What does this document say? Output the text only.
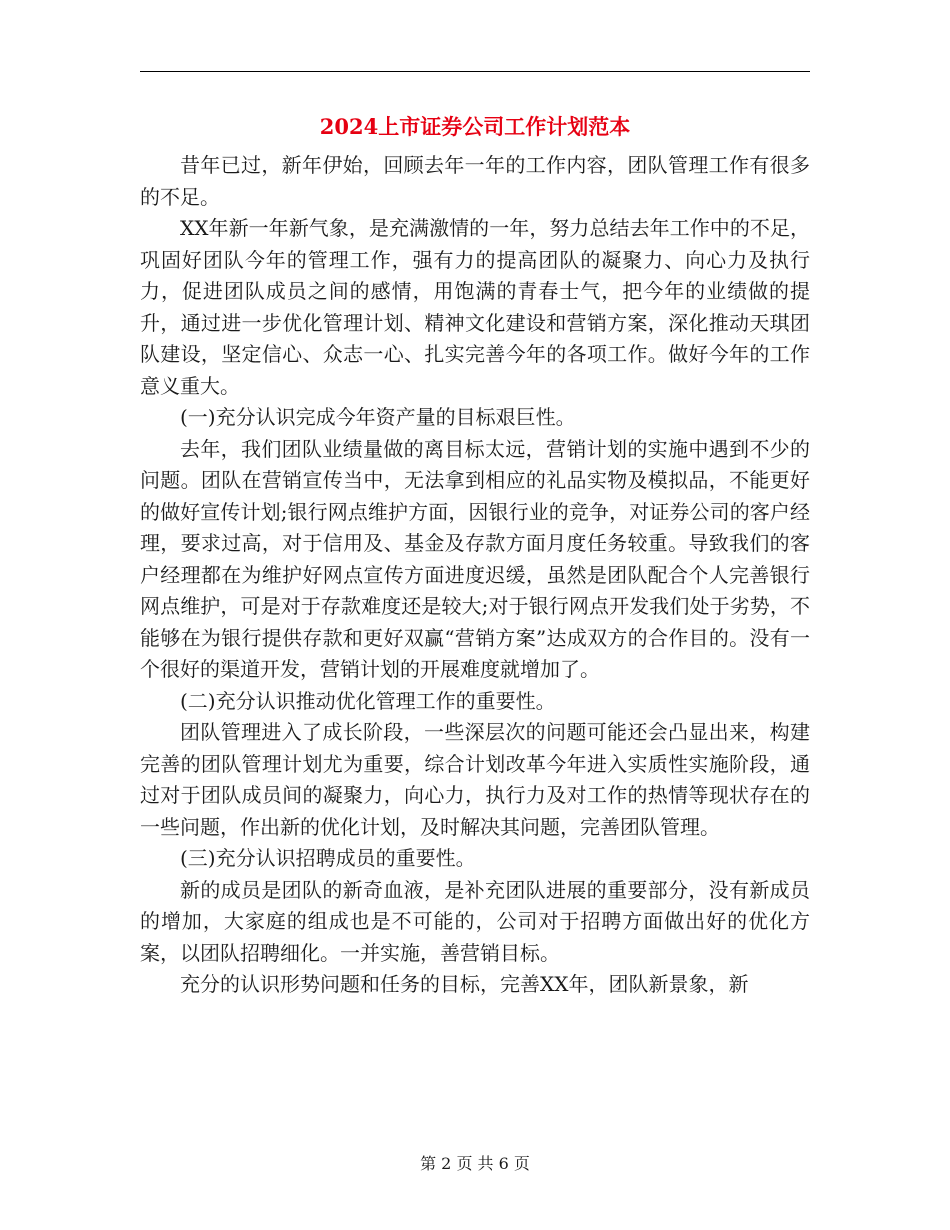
2024上市证券公司工作计划范本

昔年已过，新年伊始，回顾去年一年的工作内容，团队管理工作有很多的不足。

XX年新一年新气象，是充满激情的一年，努力总结去年工作中的不足，巩固好团队今年的管理工作，强有力的提高团队的凝聚力、向心力及执行力，促进团队成员之间的感情，用饱满的青春士气，把今年的业绩做的提升，通过进一步优化管理计划、精神文化建设和营销方案，深化推动天琪团队建设，坚定信心、众志一心、扎实完善今年的各项工作。做好今年的工作意义重大。

(一)充分认识完成今年资产量的目标艰巨性。

去年，我们团队业绩量做的离目标太远，营销计划的实施中遇到不少的问题。团队在营销宣传当中，无法拿到相应的礼品实物及模拟品，不能更好的做好宣传计划;银行网点维护方面，因银行业的竞争，对证券公司的客户经理，要求过高，对于信用及、基金及存款方面月度任务较重。导致我们的客户经理都在为维护好网点宣传方面进度迟缓，虽然是团队配合个人完善银行网点维护，可是对于存款难度还是较大;对于银行网点开发我们处于劣势，不能够在为银行提供存款和更好双赢“营销方案”达成双方的合作目的。没有一个很好的渠道开发，营销计划的开展难度就增加了。

(二)充分认识推动优化管理工作的重要性。

团队管理进入了成长阶段，一些深层次的问题可能还会凸显出来，构建完善的团队管理计划尤为重要，综合计划改革今年进入实质性实施阶段，通过对于团队成员间的凝聚力，向心力，执行力及对工作的热情等现状存在的一些问题，作出新的优化计划，及时解决其问题，完善团队管理。

(三)充分认识招聘成员的重要性。

新的成员是团队的新奇血液，是补充团队进展的重要部分，没有新成员的增加，大家庭的组成也是不可能的，公司对于招聘方面做出好的优化方案，以团队招聘细化。一并实施，善营销目标。

充分的认识形势问题和任务的目标，完善XX年，团队新景象，新

第 2 页 共 6 页
